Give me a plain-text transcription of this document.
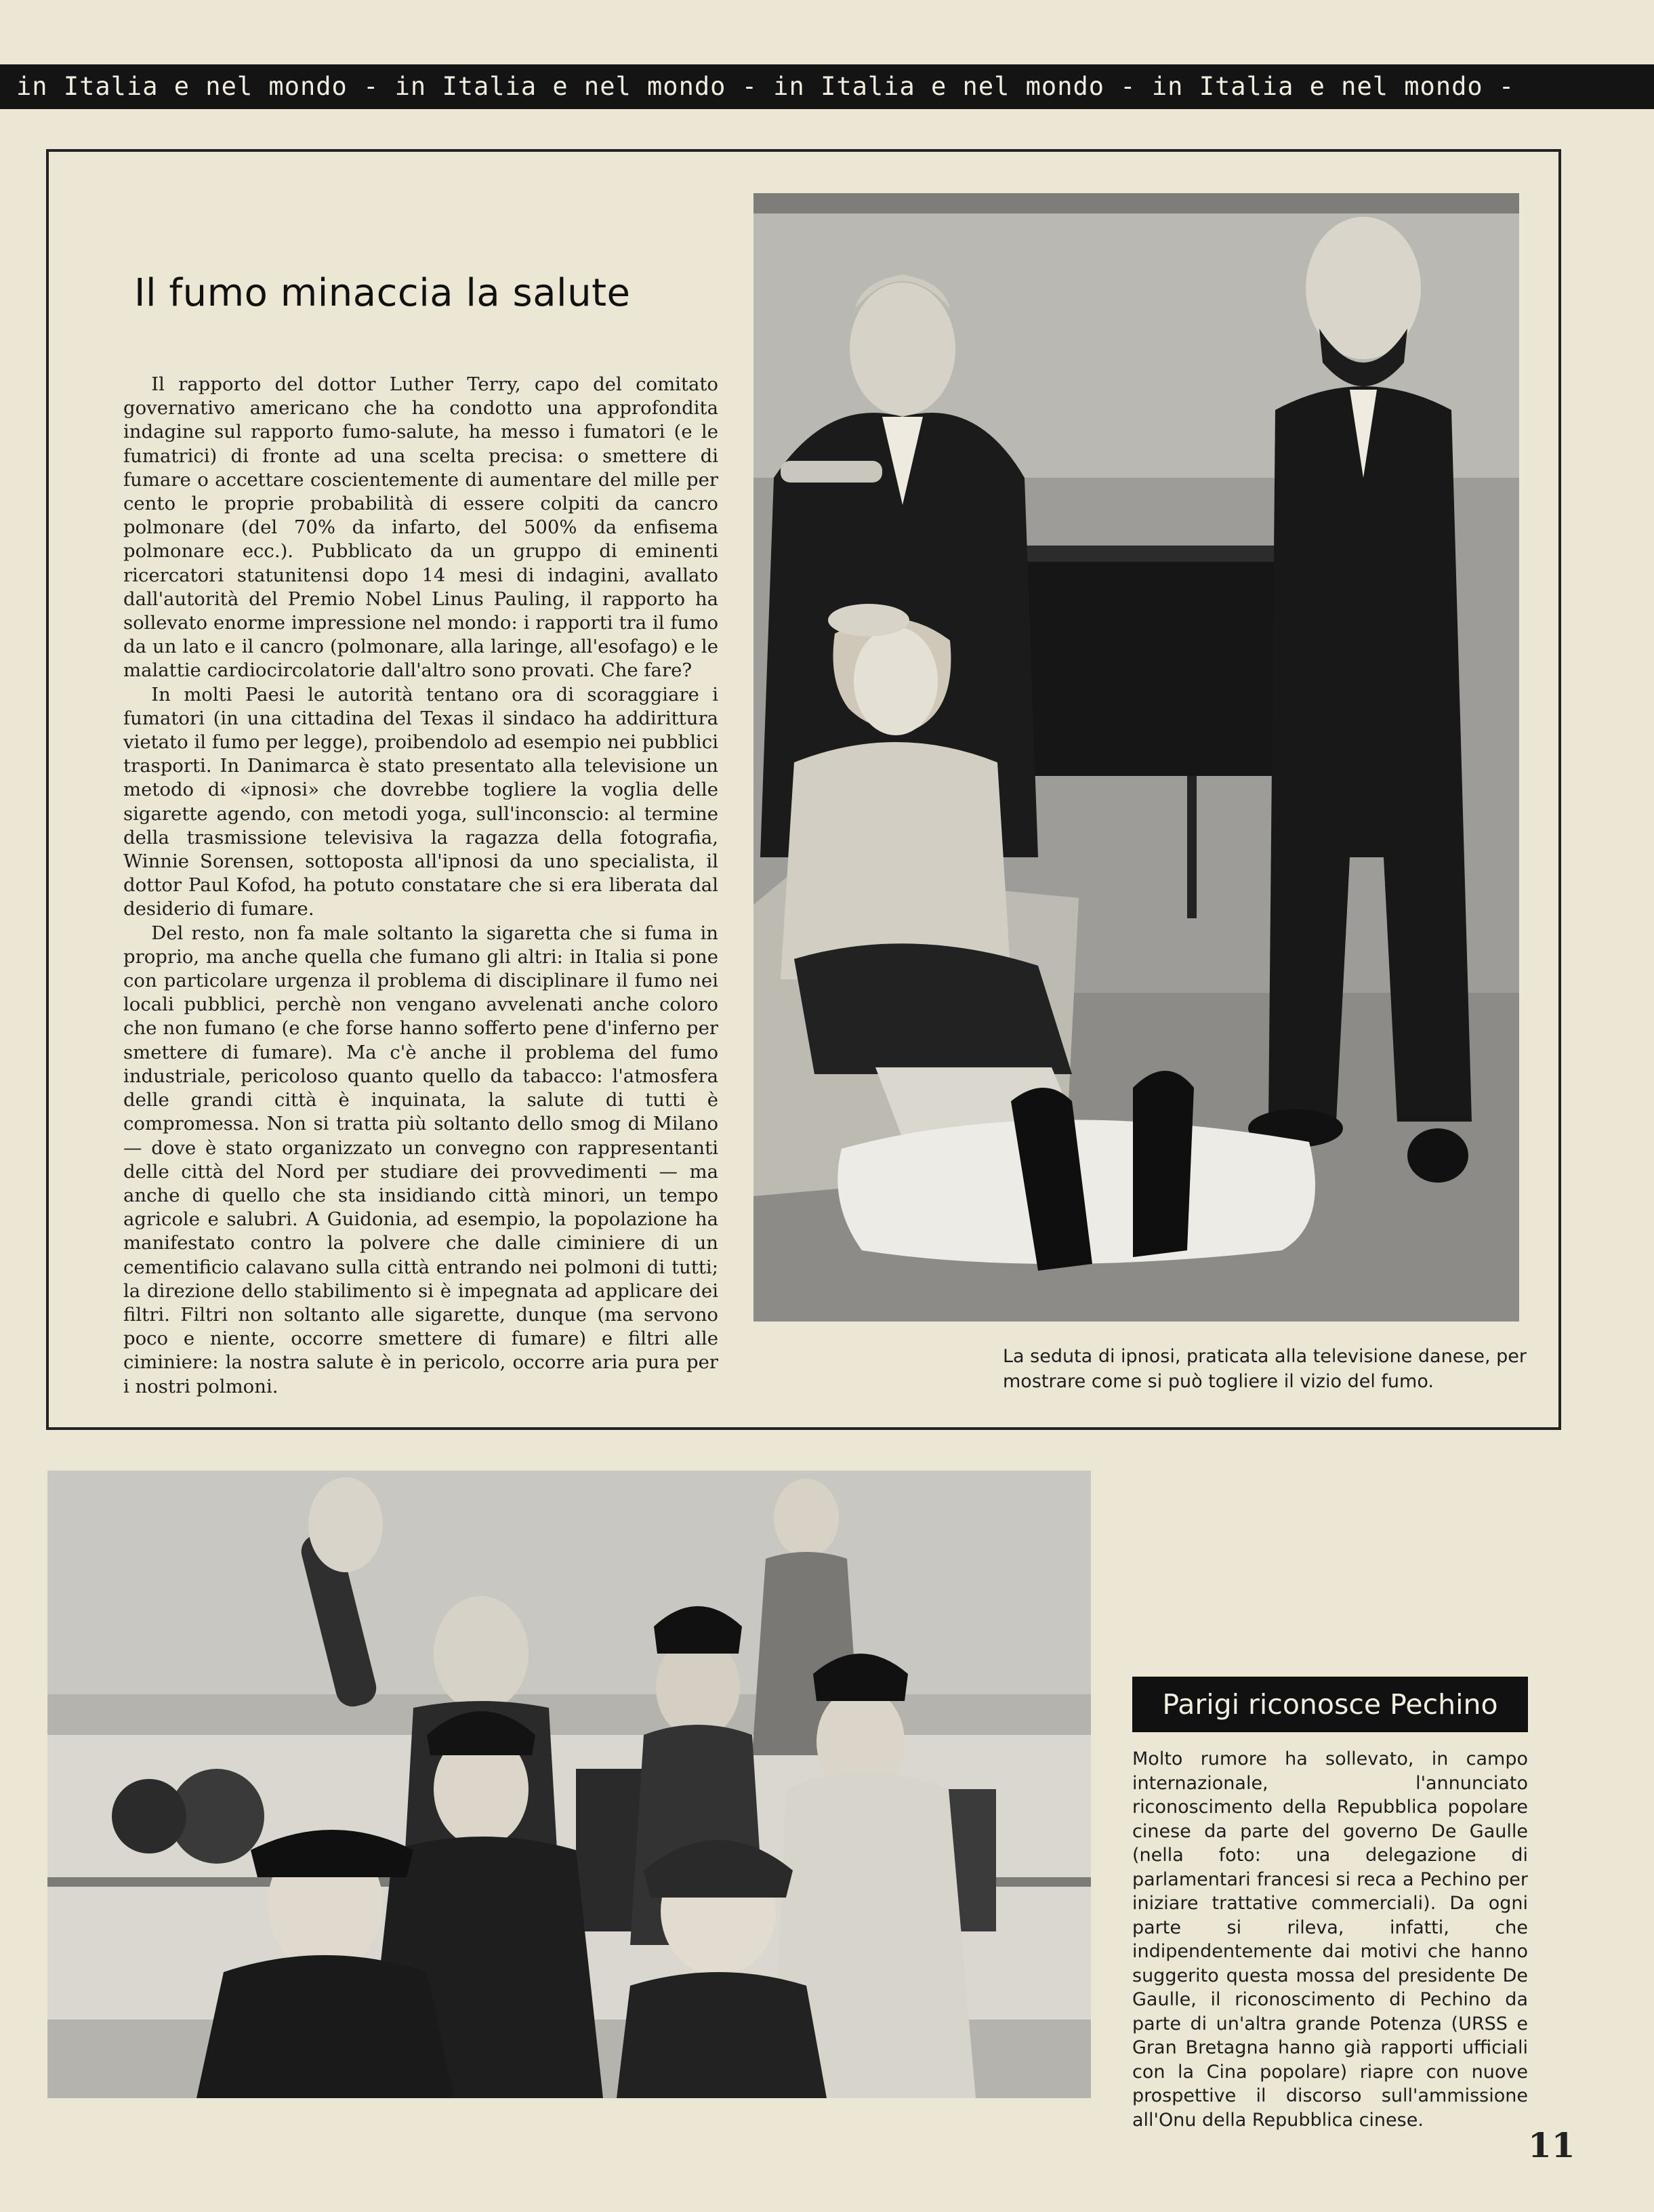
in Italia e nel mondo - in Italia e nel mondo - in Italia e nel mondo - in Italia e nel mondo -
Il fumo minaccia la salute

Il rapporto del dottor Luther Terry, capo del comitato governativo americano che ha condotto una approfondita indagine sul rapporto fumo-salute, ha messo i fumatori (e le fumatrici) di fronte ad una scelta precisa: o smettere di fumare o accettare coscientemente di aumentare del mille per cento le proprie probabilità di essere colpiti da cancro polmonare (del 70% da infarto, del 500% da enfisema polmonare ecc.). Pubblicato da un gruppo di eminenti ricercatori statunitensi dopo 14 mesi di indagini, avallato dall'autorità del Premio Nobel Linus Pauling, il rapporto ha sollevato enorme impressione nel mondo: i rapporti tra il fumo da un lato e il cancro (polmonare, alla laringe, all'esofago) e le malattie cardiocircolatorie dall'altro sono provati. Che fare?

In molti Paesi le autorità tentano ora di scoraggiare i fumatori (in una cittadina del Texas il sindaco ha addirittura vietato il fumo per legge), proibendolo ad esempio nei pubblici trasporti. In Danimarca è stato presentato alla televisione un metodo di «ipnosi» che dovrebbe togliere la voglia delle sigarette agendo, con metodi yoga, sull'inconscio: al termine della trasmissione televisiva la ragazza della fotografia, Winnie Sorensen, sottoposta all'ipnosi da uno specialista, il dottor Paul Kofod, ha potuto constatare che si era liberata dal desiderio di fumare.

Del resto, non fa male soltanto la sigaretta che si fuma in proprio, ma anche quella che fumano gli altri: in Italia si pone con particolare urgenza il problema di disciplinare il fumo nei locali pubblici, perchè non vengano avvelenati anche coloro che non fumano (e che forse hanno sofferto pene d'inferno per smettere di fumare). Ma c'è anche il problema del fumo industriale, pericoloso quanto quello da tabacco: l'atmosfera delle grandi città è inquinata, la salute di tutti è compromessa. Non si tratta più soltanto dello smog di Milano — dove è stato organizzato un convegno con rappresentanti delle città del Nord per studiare dei provvedimenti — ma anche di quello che sta insidiando città minori, un tempo agricole e salubri. A Guidonia, ad esempio, la popolazione ha manifestato contro la polvere che dalle ciminiere di un cementificio calavano sulla città entrando nei polmoni di tutti; la direzione dello stabilimento si è impegnata ad applicare dei filtri. Filtri non soltanto alle sigarette, dunque (ma servono poco e niente, occorre smettere di fumare) e filtri alle ciminiere: la nostra salute è in pericolo, occorre aria pura per i nostri polmoni.

La seduta di ipnosi, praticata alla televisione danese, per mostrare come si può togliere il vizio del fumo.
Parigi riconosce Pechino
Molto rumore ha sollevato, in campo internazionale, l'annunciato riconoscimento della Repubblica popolare cinese da parte del governo De Gaulle (nella foto: una delegazione di parlamentari francesi si reca a Pechino per iniziare trattative commerciali). Da ogni parte si rileva, infatti, che indipendentemente dai motivi che hanno suggerito questa mossa del presidente De Gaulle, il riconoscimento di Pechino da parte di un'altra grande Potenza (URSS e Gran Bretagna hanno già rapporti ufficiali con la Cina popolare) riapre con nuove prospettive il discorso sull'ammissione all'Onu della Repubblica cinese.
11
